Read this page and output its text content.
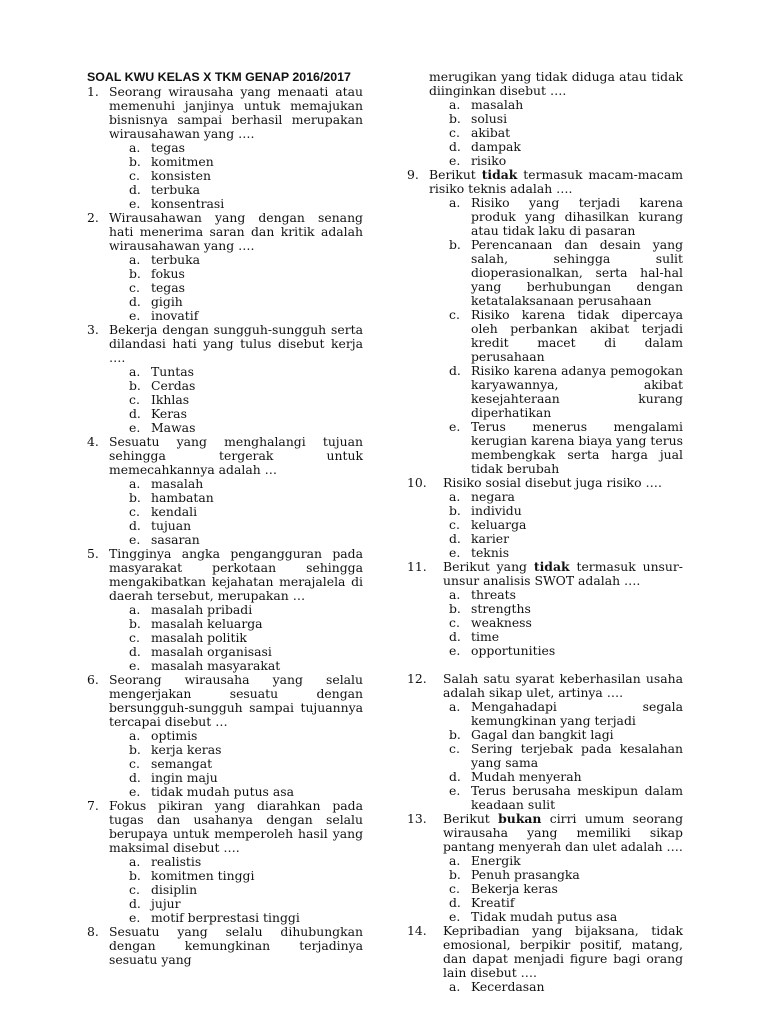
SOAL KWU KELAS X TKM GENAP 2016/2017
1. Seorang wirausaha yang menaati atau memenuhi janjinya untuk memajukan bisnisnya sampai berhasil merupakan wirausahawan yang ….
a. tegas
b. komitmen
c. konsisten
d. terbuka
e. konsentrasi
2. Wirausahawan yang dengan senang hati menerima saran dan kritik adalah wirausahawan yang ….
a. terbuka
b. fokus
c. tegas
d. gigih
e. inovatif
3. Bekerja dengan sungguh-sungguh serta dilandasi hati yang tulus disebut kerja ….
a. Tuntas
b. Cerdas
c. Ikhlas
d. Keras
e. Mawas
4. Sesuatu yang menghalangi tujuan sehingga tergerak untuk memecahkannya adalah …
a. masalah
b. hambatan
c. kendali
d. tujuan
e. sasaran
5. Tingginya angka pengangguran pada masyarakat perkotaan sehingga mengakibatkan kejahatan merajalela di daerah tersebut, merupakan …
a. masalah pribadi
b. masalah keluarga
c. masalah politik
d. masalah organisasi
e. masalah masyarakat
6. Seorang wirausaha yang selalu mengerjakan sesuatu dengan bersungguh-sungguh sampai tujuannya tercapai disebut …
a. optimis
b. kerja keras
c. semangat
d. ingin maju
e. tidak mudah putus asa
7. Fokus pikiran yang diarahkan pada tugas dan usahanya dengan selalu berupaya untuk memperoleh hasil yang maksimal disebut ….
a. realistis
b. komitmen tinggi
c. disiplin
d. jujur
e. motif berprestasi tinggi
8. Sesuatu yang selalu dihubungkan dengan kemungkinan terjadinya sesuatu yang
merugikan yang tidak diduga atau tidak diinginkan disebut ….
a. masalah
b. solusi
c. akibat
d. dampak
e. risiko
9. Berikut tidak termasuk macam-macam risiko teknis adalah ….
a. Risiko yang terjadi karena produk yang dihasilkan kurang atau tidak laku di pasaran
b. Perencanaan dan desain yang salah, sehingga sulit dioperasionalkan, serta hal-hal yang berhubungan dengan ketatalaksanaan perusahaan
c. Risiko karena tidak dipercaya oleh perbankan akibat terjadi kredit macet di dalam perusahaan
d. Risiko karena adanya pemogokan karyawannya, akibat kesejahteraan kurang diperhatikan
e. Terus menerus mengalami kerugian karena biaya yang terus membengkak serta harga jual tidak berubah
10.	Risiko sosial disebut juga risiko ….
a. negara
b. individu
c. keluarga
d. karier
e. teknis
11.	Berikut yang tidak termasuk unsur-unsur analisis SWOT adalah ….
a. threats
b. strengths
c. weakness
d. time
e. opportunities
12.	Salah satu syarat keberhasilan usaha adalah sikap ulet, artinya ….
a. Mengahadapi segala kemungkinan yang terjadi
b. Gagal dan bangkit lagi
c. Sering terjebak pada kesalahan yang sama
d. Mudah menyerah
e. Terus berusaha meskipun dalam keadaan sulit
13.	Berikut bukan cirri umum seorang wirausaha yang memiliki sikap pantang menyerah dan ulet adalah ….
a. Energik
b. Penuh prasangka
c. Bekerja keras
d. Kreatif
e. Tidak mudah putus asa
14.	Kepribadian yang bijaksana, tidak emosional, berpikir positif, matang, dan dapat menjadi figure bagi orang lain disebut ….
a. Kecerdasan
